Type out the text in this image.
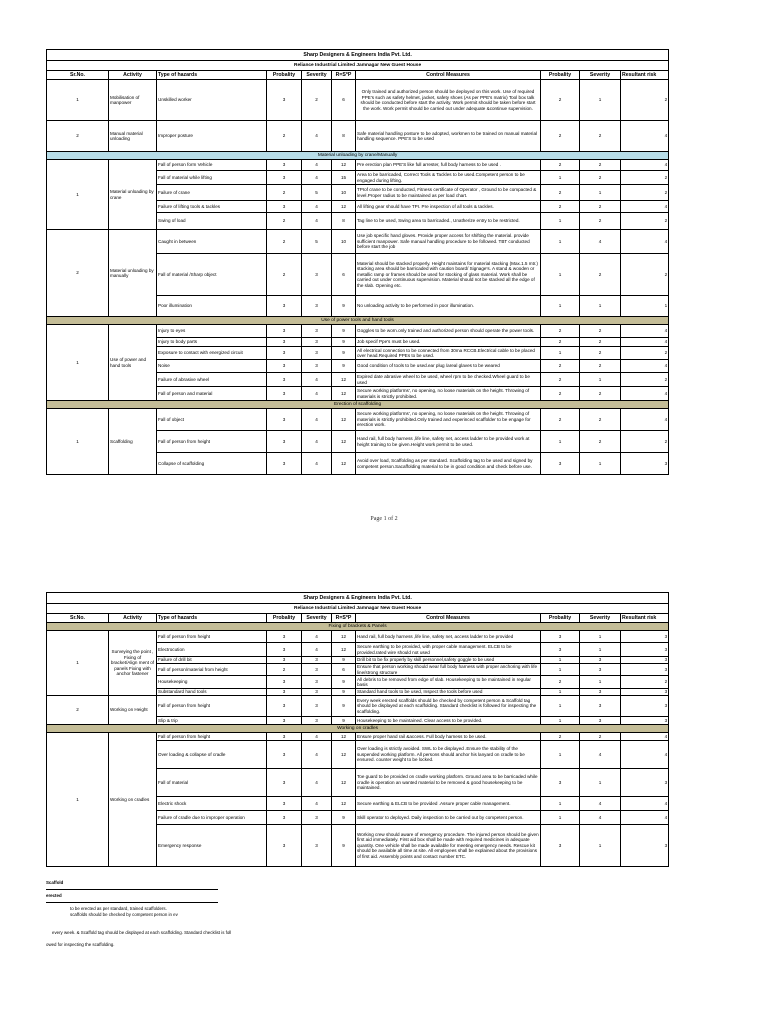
Sharp Designers & Engineers India Pvt. Ltd.									
Reliance Industrial Limited Jamnagar New Guest House									
Sr.No.	Activity	Type of hazards	Probality	Severity	R=S*P	Control Measures	Probality	Severity	Resultant risk
1	Mobilisation of manpower	Unskilled worker	3	2	6	Only trained and authorized person should be deployed on this work. Use of required PPE's such as safety helmet, jacket, safety shoes (As per PPE's matrix) Tool box talk should be conducted before start the activity. Work permit should be taken before start the work. Work permit should be carried out under adequate &continue supervision.	2	1	2
2	Manual material unloading	Improper posture	2	4	8	Safe material handling posture to be adopted, workmen to be trained on manual material handling sequence. PPE'S to be used	2	2	4
Material unloading by crane/Manually									
1	Material unloading by crane	Fall of person form Vehicle	3	4	12	Pre erection plan PPE'S like full arrester, full body harness to be used .	2	2	4
		Fall of material while lifting	3	4	15	Area to be barricaded, Correct Tools & Tackles to be used.Competent person to be engaged during lifting.	1	2	2
		Failure of crane	2	5	10	TPIof crane to be conducted, Fitness certificate of Operator , Ground to be compacted & level.Proper radius to be maintained as per load chart.	2	1	2
		Failure of lifting tools & tackles	3	4	12	All lifting gear should have TPI. Pre inspection of all tools & tackles.	2	2	4
		Swing of load	2	4	8	Tag line to be used, Swing area to barricaded., Unatherize entry to be restricted.	1	2	2
2	Material unloading by manually	Caught in between	2	5	10	Use job specific hand gloves. Provide proper access for shifting the material. provide sufficient manpower. Safe manual handling procedure to be followed. TBT conducted before start the job	1	4	4
		Fall of material /Sharp object	2	3	6	Material should be stacked properly. Height maintains for material stacking (Max.1.5 mtr.) stacking area should be barricaded with caution board/ Signage's. A stand & wooden or metallic ramp or frames should be used for stocking of glass material. Work shall be carried out under continuous supervision. Material should not be stacked all the edge of the slab. Opening etc.	1	2	2
		Poor illumination	3	3	9	No unloading activity to be performed in poor illumination.	1	1	1
Use of power tools and hand tools									
1	Use of power and hand tools	Injury to eyes	3	3	9	Goggles to be worn.only trained and authorized person should operate the power tools.	2	2	4
		Injury to body parts	3	3	9	Job specif Ppe's must be used.	2	2	4
		Exposure to contact with energized circuit	3	3	9	All electrical connection to be connected from 30ma RCCB.Electrical cable to be placed over head.Required PPEs to be used.	1	2	2
		Noise	3	3	9	Good condition of tools to be used.ear plug /areal glaves to be weared	2	2	4
		Failure of abrasive wheel	3	4	12	Expired date abrasive wheel to be used, wheel rpm to be checked.Wheel guard to be used	2	1	2
		Fall of person and material	3	4	12	Secure working platforms', no opening, no loose materials on the height. Throwing of materials is strictly prohibited.	2	2	4
Erection of scaffolding									
1	Scaffolding	Fall of object	3	4	12	Secure working platforms', no opening, no loose materials on the height. Throwing of materials is strictly prohibited.Only trained and experinced scaffolder to be engage for erection work.	2	2	4
		Fall of person from height	3	4	12	Hand rail, full body harness ,life line, safety net, access ladder to be provided work at height training to be given.Height work permit to be used.	1	2	2
		Collapse of scaffolding	3	4	12	Avoid over load, Scaffolding as per standard. Scaffolding tag to be used and signed by competent person.Sacaffolding material to be in good condition and check before use.	3	1	3
Page 1 of 2
Sharp Designers & Engineers India Pvt. Ltd.									
Reliance Industrial Limited Jamnagar New Guest House									
Sr.No.	Activity	Type of hazards	Probality	Severity	R=S*P	Control Measures	Probality	Severity	Resultant risk
Fixing of brackets & Panels									
1	Surveying the point , Fixing of bracket/Align ment of panels Fixing with anchor fastener	Fall of person from height	3	4	12	Hand rail, full body harness ,life line, safety net, access ladder to be provided	3	1	3
		Electrocution	3	4	12	Secure earthing to be provided, with proper cable management. ELCB to be provided.rated wire should not used	3	1	3
		Failure of drill bit	3	3	9	Drill bit to be fix properly by skill personnel,safety goggle to be used	1	3	3
		Fall of person/material from height	2	3	6	Ensure that person working should wear full body harness with proper anchoring with life line/strong structure	1	3	3
		Housekeeping	3	3	9	All debris to be removed from edge of slab. Housekeeping to be maintained in regular basis	2	1	2
		Substandard hand tools	3	3	9	Standard hand tools to be used, Inspect the tools before used	1	3	3
2	Working on Height	Fall of person from height	3	3	9	Every week erected scaffolds should be checked by competent person & Scaffold tag should be displayed at each scaffolding. Standard checklist is followed for inspecting the scaffolding.	1	3	3
		Slip & trip	3	3	9	Housekeeping to be maintained. Clear access to be provided.	1	3	3
Working on cradles									
1	Working on cradles	Fall of person from height	3	4	12	Ensure proper hand rail &access. Full body harness to be used.	2	2	4
		Over loading & collapse of cradle	3	4	12	Over loading is strictly avoided. SWL to be displayed .Ensure the stability of the suspended working platform. All persons should anchor his lanyard on cradle to be ensured. counter weight to be locked.	1	4	4
		Fall of material	3	4	12	Toe guard to be provided on cradle working platform. Ground area to be barricaded while cradle is operation an wanted material to be removed & good housekeeping to be maintained.	3	1	3
		Electric shock	3	4	12	Secure earthing & ELCB to be provided .Assure proper cable management.	1	4	4
		Failure of cradle due to improper operation	3	3	9	Skill operator to deployed. Daily inspection to be carried out by competent person.	1	4	4
		Emergency response	3	3	9	Working crew should aware of emergency procedure. The injured person should be given first aid immediately. First aid box shall be made with required medicines in adequate quantity. One vehicle shall be made available for meeting emergency needs. Rescue kit should be available all time at site. All employees shall be explained about the provisions of first aid. Assembly points and contact number ETC.	3	1	3
Scaffold
erected
to be erected as per standard, trained scaffolders.
scaffolds should be checked by competent person in ev
every week. & Scaffold tag should be displayed at each scaffolding. Standard checklist is foll
owed for inspecting the scaffolding.
